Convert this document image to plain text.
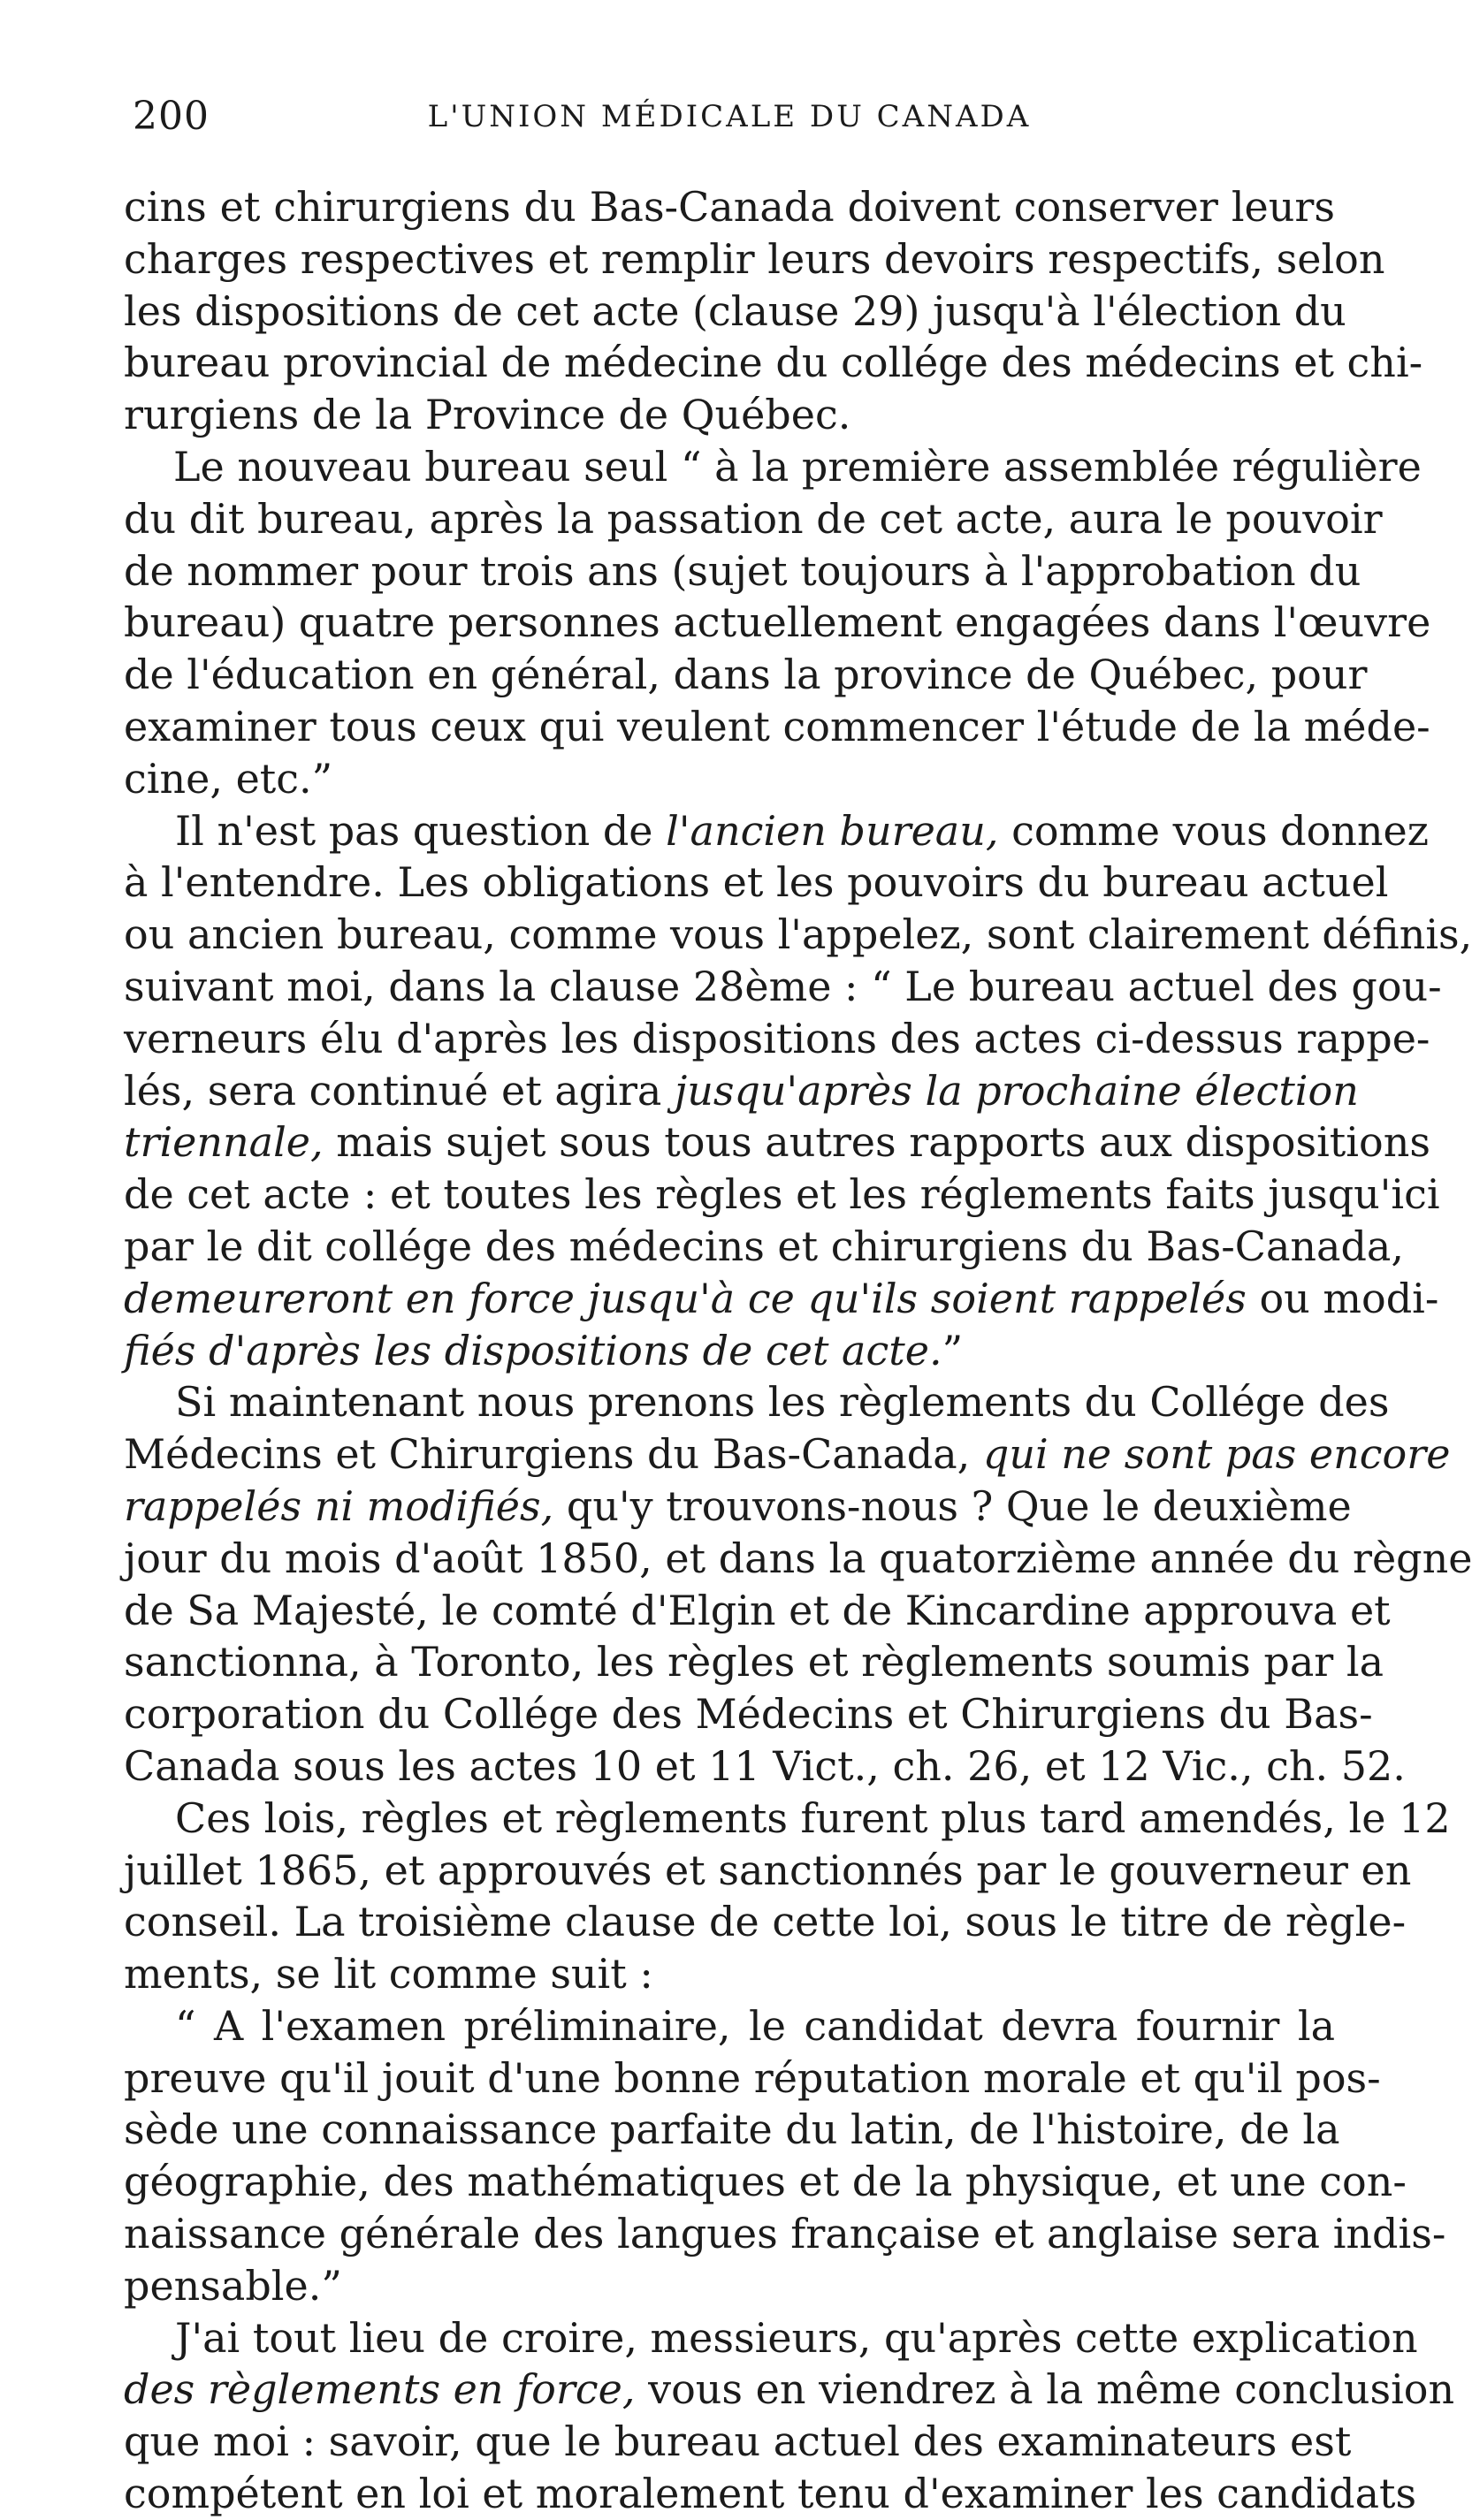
200	L'UNION MÉDICALE DU CANADA
cins et chirurgiens du Bas-Canada doivent conserver leurs
charges respectives et remplir leurs devoirs respectifs, selon
les dispositions de cet acte (clause 29) jusqu'à l'élection du
bureau provincial de médecine du collége des médecins et chi-
rurgiens de la Province de Québec.
Le nouveau bureau seul “ à la première assemblée régulière
du dit bureau, après la passation de cet acte, aura le pouvoir
de nommer pour trois ans (sujet toujours à l'approbation du
bureau) quatre personnes actuellement engagées dans l'œuvre
de l'éducation en général, dans la province de Québec, pour
examiner tous ceux qui veulent commencer l'étude de la méde-
cine, etc.”
Il n'est pas question de l'ancien bureau, comme vous donnez
à l'entendre. Les obligations et les pouvoirs du bureau actuel
ou ancien bureau, comme vous l'appelez, sont clairement définis,
suivant moi, dans la clause 28ème : “ Le bureau actuel des gou-
verneurs élu d'après les dispositions des actes ci-dessus rappe-
lés, sera continué et agira jusqu'après la prochaine élection
triennale, mais sujet sous tous autres rapports aux dispositions
de cet acte : et toutes les règles et les réglements faits jusqu'ici
par le dit collége des médecins et chirurgiens du Bas-Canada,
demeureront en force jusqu'à ce qu'ils soient rappelés ou modi-
fiés d'après les dispositions de cet acte.”
Si maintenant nous prenons les règlements du Collége des
Médecins et Chirurgiens du Bas-Canada, qui ne sont pas encore
rappelés ni modifiés, qu'y trouvons-nous ? Que le deuxième
jour du mois d'août 1850, et dans la quatorzième année du règne
de Sa Majesté, le comté d'Elgin et de Kincardine approuva et
sanctionna, à Toronto, les règles et règlements soumis par la
corporation du Collége des Médecins et Chirurgiens du Bas-
Canada sous les actes 10 et 11 Vict., ch. 26, et 12 Vic., ch. 52.
Ces lois, règles et règlements furent plus tard amendés, le 12
juillet 1865, et approuvés et sanctionnés par le gouverneur en
conseil. La troisième clause de cette loi, sous le titre de règle-
ments, se lit comme suit :
“ A l'examen préliminaire, le candidat devra fournir la
preuve qu'il jouit d'une bonne réputation morale et qu'il pos-
sède une connaissance parfaite du latin, de l'histoire, de la
géographie, des mathématiques et de la physique, et une con-
naissance générale des langues française et anglaise sera indis-
pensable.”
J'ai tout lieu de croire, messieurs, qu'après cette explication
des règlements en force, vous en viendrez à la même conclusion
que moi : savoir, que le bureau actuel des examinateurs est
compétent en loi et moralement tenu d'examiner les candidats
